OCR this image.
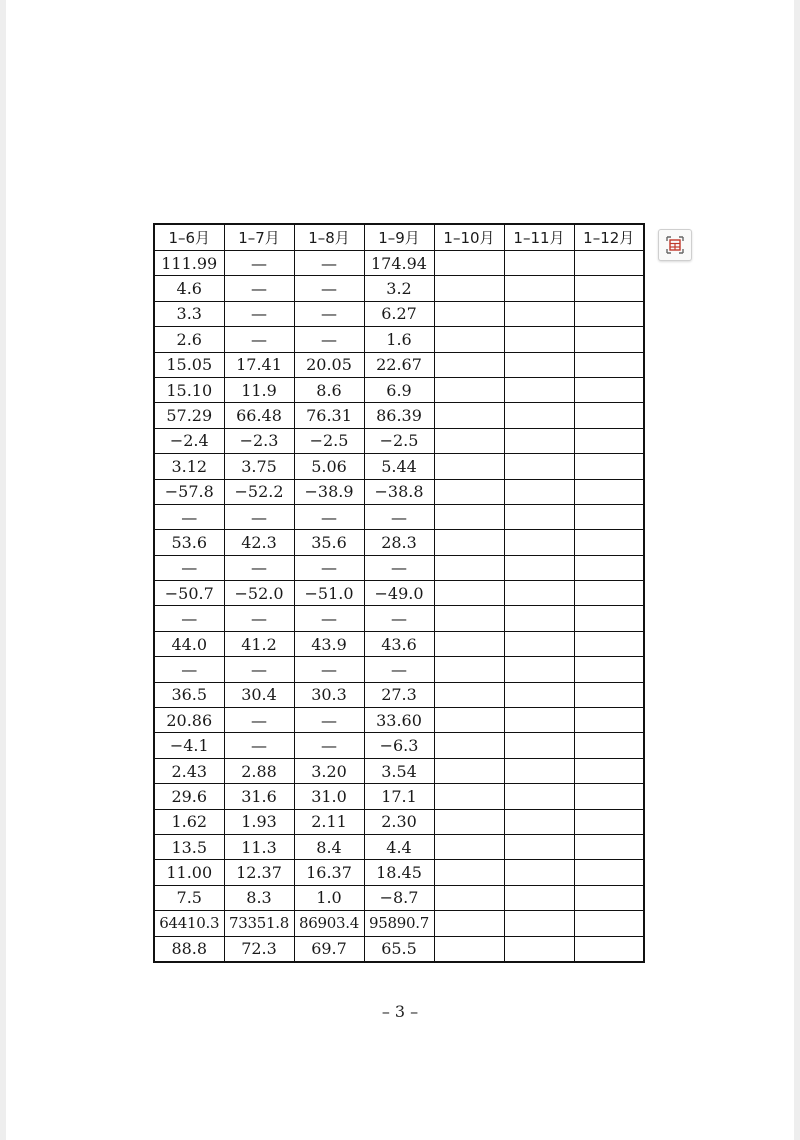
1–6月	1–7月	1–8月	1–9月	1–10月	1–11月	1–12月
111.99	—	—	174.94			
4.6	—	—	3.2			
3.3	—	—	6.27			
2.6	—	—	1.6			
15.05	17.41	20.05	22.67			
15.10	11.9	8.6	6.9			
57.29	66.48	76.31	86.39			
−2.4	−2.3	−2.5	−2.5			
3.12	3.75	5.06	5.44			
−57.8	−52.2	−38.9	−38.8			
—	—	—	—			
53.6	42.3	35.6	28.3			
—	—	—	—			
−50.7	−52.0	−51.0	−49.0			
—	—	—	—			
44.0	41.2	43.9	43.6			
—	—	—	—			
36.5	30.4	30.3	27.3			
20.86	—	—	33.60			
−4.1	—	—	−6.3			
2.43	2.88	3.20	3.54			
29.6	31.6	31.0	17.1			
1.62	1.93	2.11	2.30			
13.5	11.3	8.4	4.4			
11.00	12.37	16.37	18.45			
7.5	8.3	1.0	−8.7			
64410.3	73351.8	86903.4	95890.7			
88.8	72.3	69.7	65.5			
– 3 –
